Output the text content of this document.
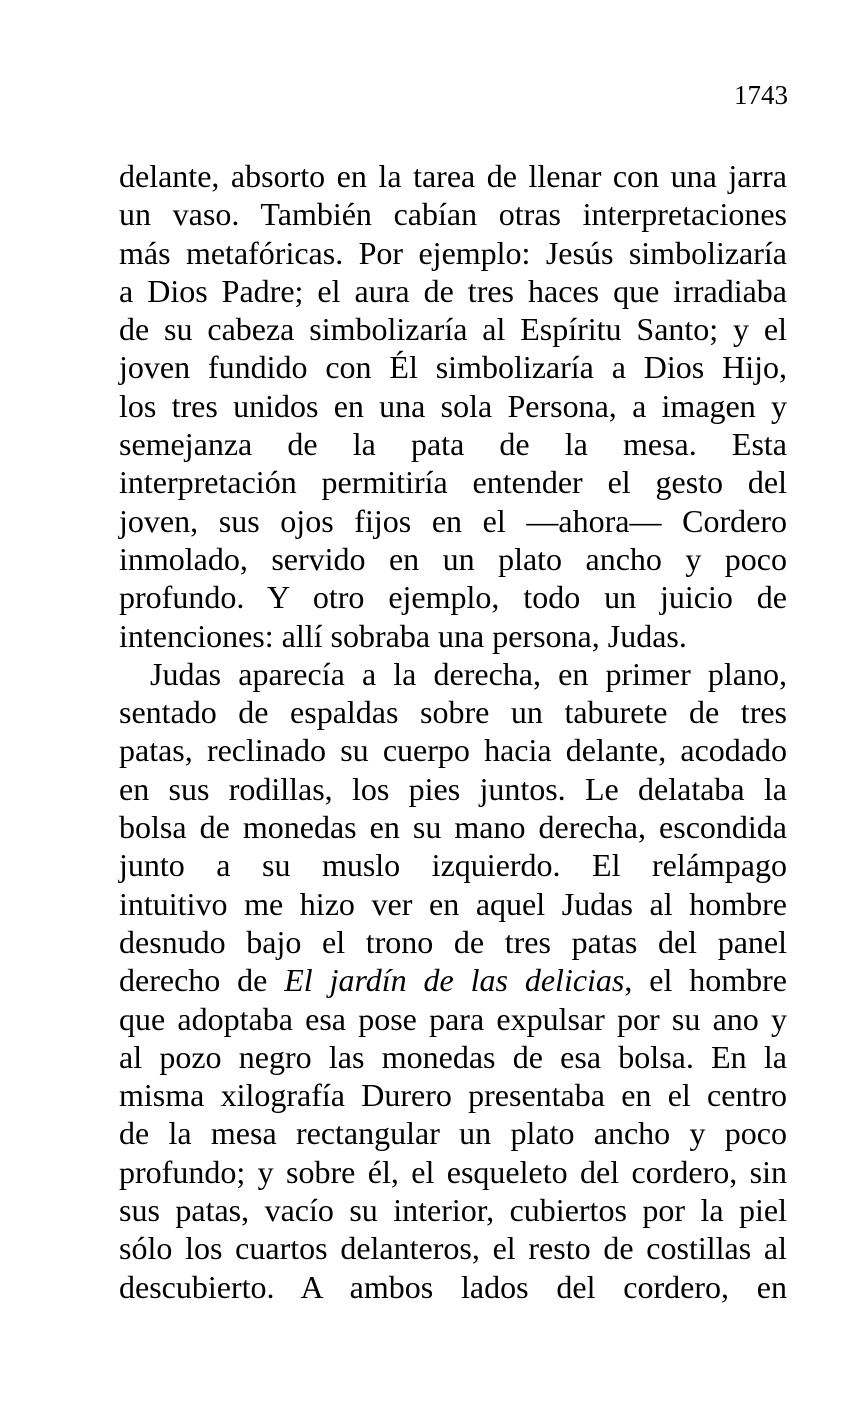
1743
delante, absorto en la tarea de llenar con una jarra
un vaso. También cabían otras interpretaciones
más metafóricas. Por ejemplo: Jesús simbolizaría
a Dios Padre; el aura de tres haces que irradiaba
de su cabeza simbolizaría al Espíritu Santo; y el
joven fundido con Él simbolizaría a Dios Hijo,
los tres unidos en una sola Persona, a imagen y
semejanza de la pata de la mesa. Esta
interpretación permitiría entender el gesto del
joven, sus ojos fijos en el —ahora— Cordero
inmolado, servido en un plato ancho y poco
profundo. Y otro ejemplo, todo un juicio de
intenciones: allí sobraba una persona, Judas.
Judas aparecía a la derecha, en primer plano,
sentado de espaldas sobre un taburete de tres
patas, reclinado su cuerpo hacia delante, acodado
en sus rodillas, los pies juntos. Le delataba la
bolsa de monedas en su mano derecha, escondida
junto a su muslo izquierdo. El relámpago
intuitivo me hizo ver en aquel Judas al hombre
desnudo bajo el trono de tres patas del panel
derecho de El jardín de las delicias, el hombre
que adoptaba esa pose para expulsar por su ano y
al pozo negro las monedas de esa bolsa. En la
misma xilografía Durero presentaba en el centro
de la mesa rectangular un plato ancho y poco
profundo; y sobre él, el esqueleto del cordero, sin
sus patas, vacío su interior, cubiertos por la piel
sólo los cuartos delanteros, el resto de costillas al
descubierto. A ambos lados del cordero, en
